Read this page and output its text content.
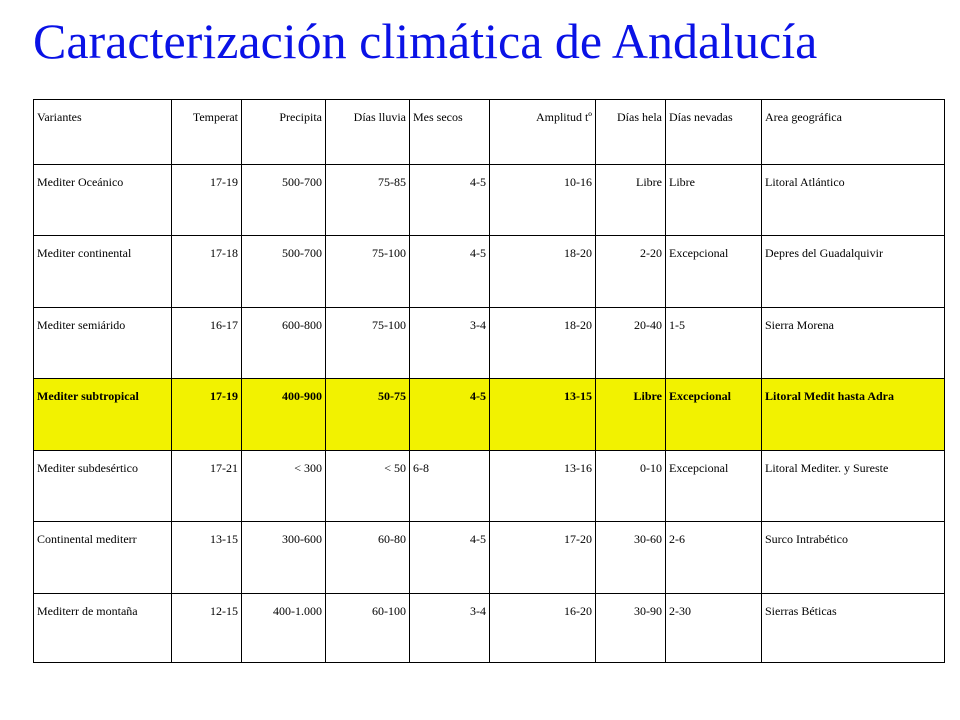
Caracterización climática de Andalucía
Variantes	Temperat	Precipita	Días lluvia	Mes secos	Amplitud tº	Días hela	Días nevadas	Area geográfica
Mediter Oceánico	17-19	500-700	75-85	4-5	10-16	Libre	Libre	Litoral Atlántico
Mediter continental	17-18	500-700	75-100	4-5	18-20	2-20	Excepcional	Depres del Guadalquivir
Mediter semiárido	16-17	600-800	75-100	3-4	18-20	20-40	1-5	Sierra Morena
Mediter subtropical	17-19	400-900	50-75	4-5	13-15	Libre	Excepcional	Litoral Medit hasta Adra
Mediter subdesértico	17-21	< 300	< 50	6-8	13-16	0-10	Excepcional	Litoral Mediter. y Sureste
Continental mediterr	13-15	300-600	60-80	4-5	17-20	30-60	2-6	Surco Intrabético
Mediterr de montaña	12-15	400-1.000	60-100	3-4	16-20	30-90	2-30	Sierras Béticas
